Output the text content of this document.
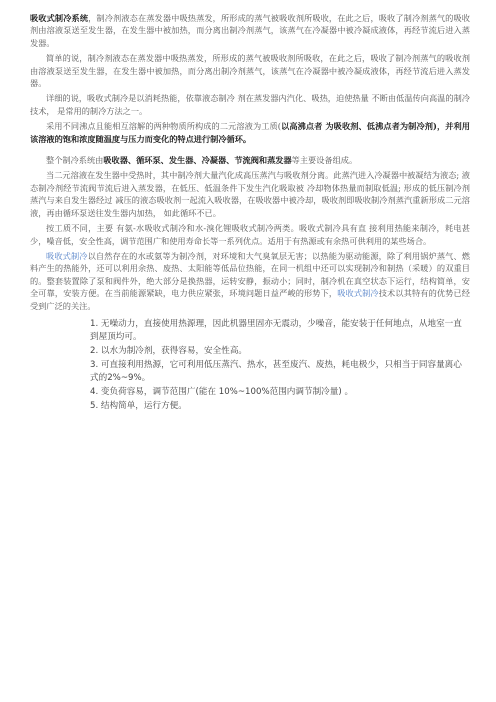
吸收式制冷系统，制冷剂液态在蒸发器中吸热蒸发，所形成的蒸气被吸收剂所吸收，在此之后，吸收了制冷剂蒸气的吸收剂由溶液泵送至发生器，在发生器中被加热，而分离出制冷剂蒸气，该蒸气在冷凝器中被冷凝成液体，再经节流后进入蒸发器。

简单的说，制冷剂液态在蒸发器中吸热蒸发，所形成的蒸气被吸收剂所吸收，在此之后，吸收了制冷剂蒸气的吸收剂由溶液泵送至发生器，在发生器中被加热，而分离出制冷剂蒸气，该蒸气在冷凝器中被冷凝成液体，再经节流后进入蒸发器。

详细的说，吸收式制冷是以消耗热能，依靠液态制冷 剂在蒸发器内汽化、吸热，迫使热量 不断由低温传向高温的制冷技术， 是常用的制冷方法之一。

采用不同沸点且能相互溶解的两种物质所构成的二元溶液为工质(以高沸点者 为吸收剂、低沸点者为制冷剂)，并利用该溶液的饱和浓度随温度与压力而变化的特点进行制冷循环。

整个制冷系统由吸收器、循环泵、发生器、冷凝器、节流阀和蒸发器等主要设备组成。

当二元溶液在发生器中受热时，其中制冷剂大量汽化成高压蒸汽与吸收剂分离。此蒸汽进入冷凝器中被凝结为液态; 液态制冷剂经节流阀节流后进入蒸发器，在低压、低温条件下发生汽化吸取被 冷却物体热量而制取低温; 形成的低压制冷剂蒸汽与来自发生器经过 减压的液态吸收剂一起流入吸收器，在吸收器中被冷却，吸收剂即吸收制冷剂蒸汽重新形成二元溶液，再由循环泵送往发生器内加热， 如此循环不已。

按工质不同，主要 有氨-水吸收式制冷和水-溴化锂吸收式制冷两类。吸收式制冷具有直 接利用热能来制冷，耗电甚少，噪音低，安全性高，调节范围广和使用寿命长等一系列优点。适用于有热源或有余热可供利用的某些场合。

吸收式制冷以自然存在的水或氨等为制冷剂，对环境和大气臭氧层无害；以热能为驱动能源，除了利用锅炉蒸气、燃料产生的热能外，还可以利用余热、废热、太阳能等低品位热能，在同一机组中还可以实现制冷和制热（采暖）的双重目的。整套装置除了泵和阀件外，绝大部分是换热器，运转安静，振动小；同时，制冷机在真空状态下运行，结构简单，安全可靠，安装方便。在当前能源紧缺，电力供应紧张，环境问题日益严峻的形势下，吸收式制冷技术以其特有的优势已经受到广泛的关注。

1. 无噪动力，直接使用热源理，因此机器里固亦无震动，少噪音，能安装于任何地点，从地室一直到屋顶均可。
2. 以水为制冷剂，获得容易，安全性高。
3. 可直接利用热源，它可利用低压蒸汽、热水，甚至废汽、废热，耗电极少，只相当于同容量离心式的2%~9%。
4. 变负荷容易，调节范围广(能在 10%~100%范围内调节制冷量) 。
5. 结构简单，运行方便。
